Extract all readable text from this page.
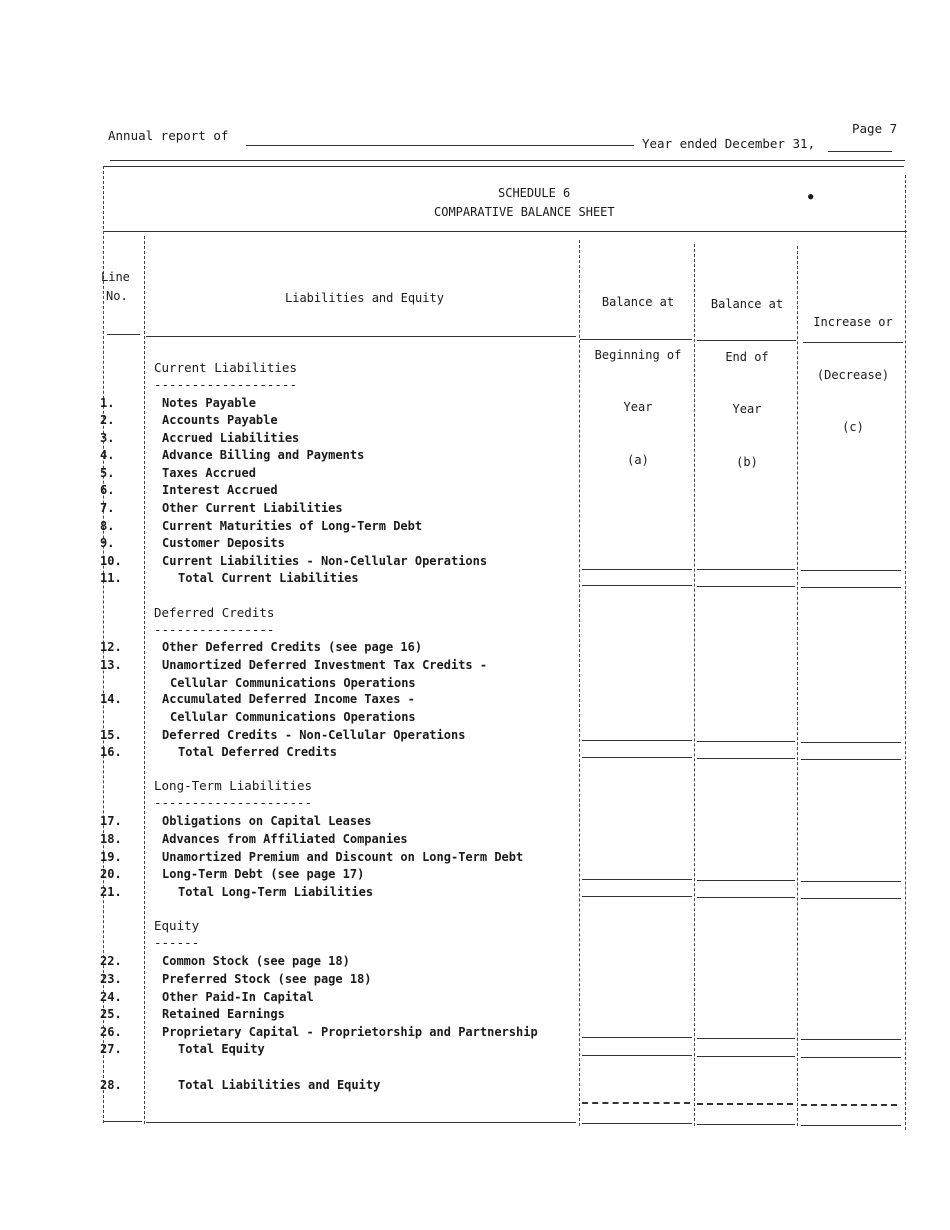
Annual report of
Year ended December 31,
Page 7
SCHEDULE 6
COMPARATIVE BALANCE SHEET
●
Line
No.	Liabilities and Equity

	Balance at

Beginning of

Year

(a)

Balance at

End of

Year

(b)

Increase or

(Decrease)

(c)

Current Liabilities
-------------------
Deferred Credits
----------------
Long-Term Liabilities
---------------------
Equity
------
1.	Notes Payable
2.	Accounts Payable
3.	Accrued Liabilities
4.	Advance Billing and Payments
5.	Taxes Accrued
6.	Interest Accrued
7.	Other Current Liabilities
8.	Current Maturities of Long-Term Debt
9.	Customer Deposits
10.	Current Liabilities - Non-Cellular Operations
11.	Total Current Liabilities
12.	Other Deferred Credits (see page 16)
13.	Unamortized Deferred Investment Tax Credits -
Cellular Communications Operations
14.	Accumulated Deferred Income Taxes -
Cellular Communications Operations
15.	Deferred Credits - Non-Cellular Operations
16.	Total Deferred Credits
17.	Obligations on Capital Leases
18.	Advances from Affiliated Companies
19.	Unamortized Premium and Discount on Long-Term Debt
20.	Long-Term Debt (see page 17)
21.	Total Long-Term Liabilities
22.	Common Stock (see page 18)
23.	Preferred Stock (see page 18)
24.	Other Paid-In Capital
25.	Retained Earnings
26.	Proprietary Capital - Proprietorship and Partnership
27.	Total Equity
28.	Total Liabilities and Equity
